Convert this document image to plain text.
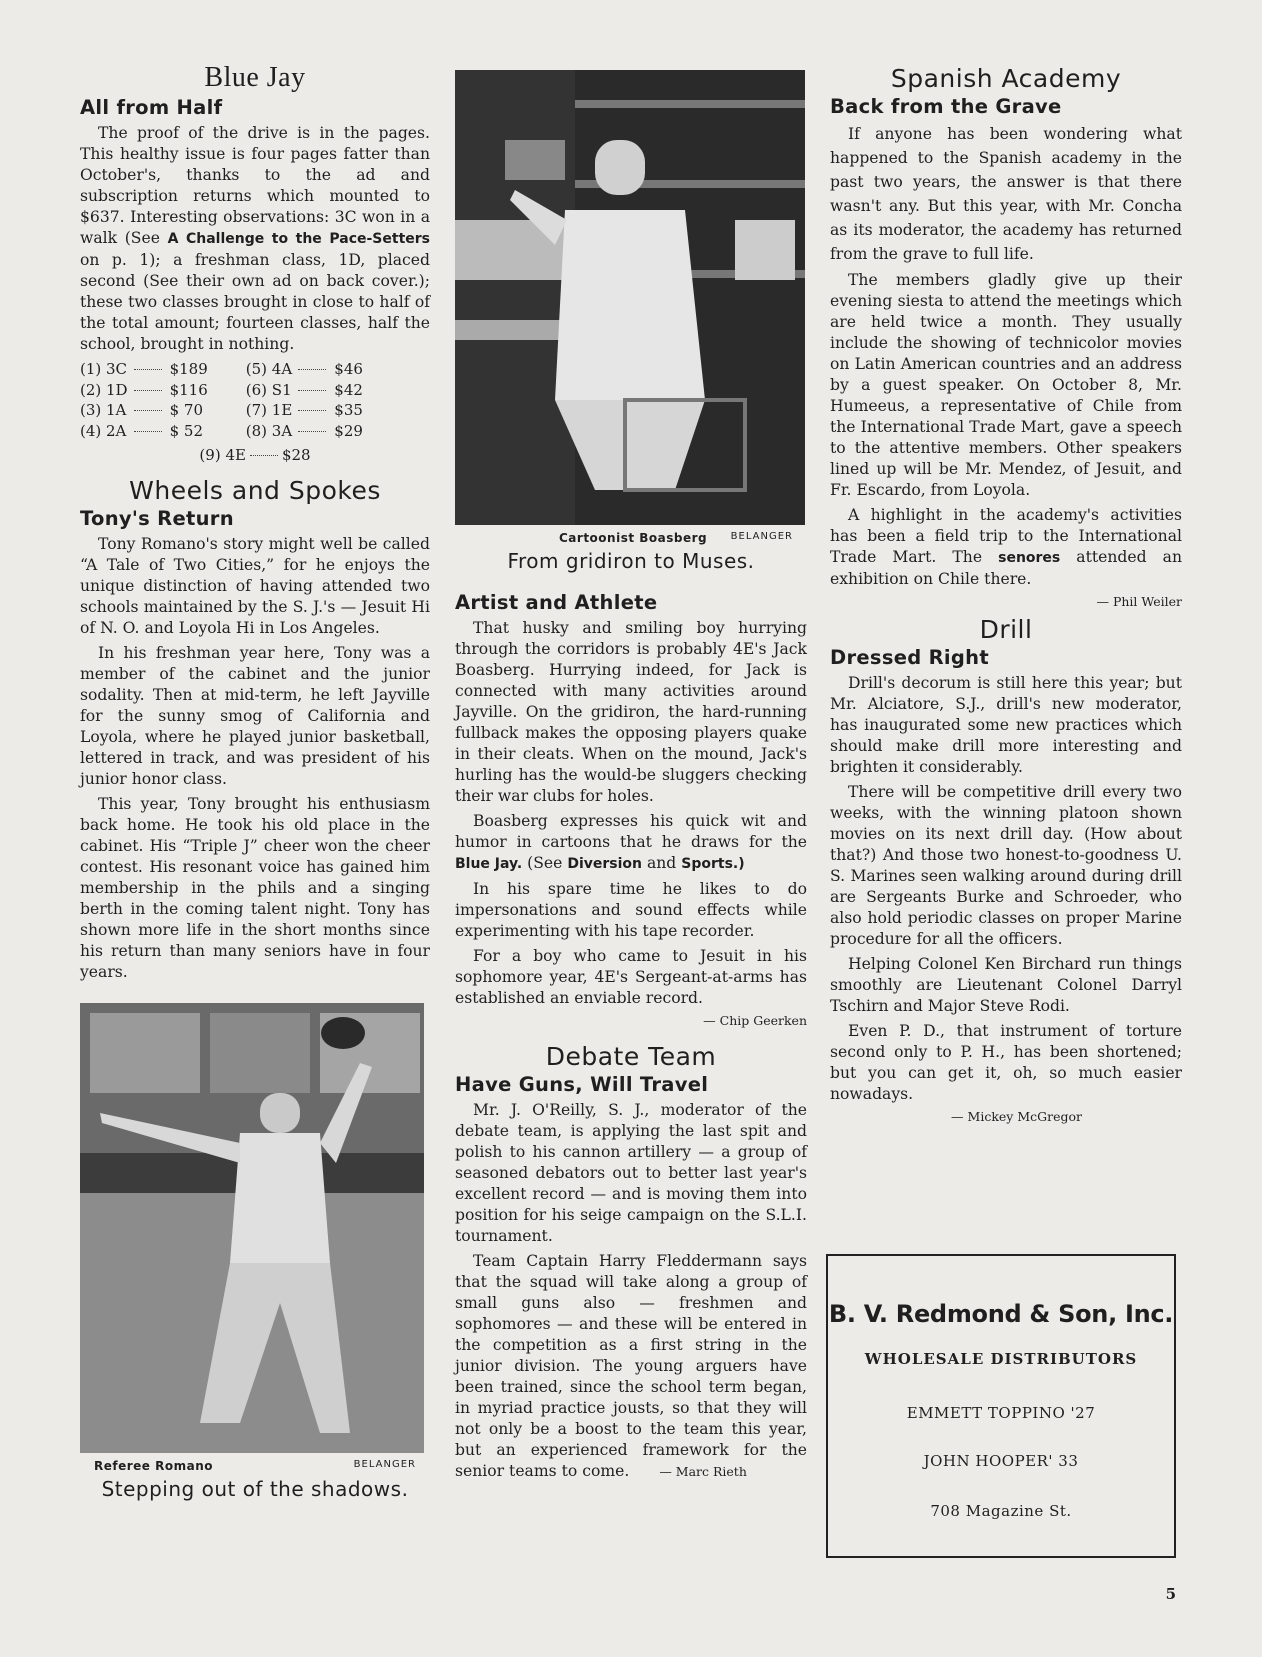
Blue Jay
All from Half

The proof of the drive is in the pages. This healthy issue is four pages fatter than October's, thanks to the ad and subscription returns which mounted to $637. Interesting observations: 3C won in a walk (See A Challenge to the Pace-Setters on p. 1); a freshman class, 1D, placed second (See their own ad on back cover.); these two classes brought in close to half of the total amount; fourteen classes, half the school, brought in nothing.

(1) 3C		$189	(5) 4A		$46
(2) 1D		$116	(6) S1		$42
(3) 1A		$ 70	(7) 1E		$35
(4) 2A		$ 52	(8) 3A		$29
(9) 4E $28
Wheels and Spokes
Tony's Return

Tony Romano's story might well be called “A Tale of Two Cities,” for he enjoys the unique distinction of having attended two schools maintained by the S. J.'s — Jesuit Hi of N. O. and Loyola Hi in Los Angeles.

In his freshman year here, Tony was a member of the cabinet and the junior sodality. Then at mid-term, he left Jayville for the sunny smog of California and Loyola, where he played junior basketball, lettered in track, and was president of his junior honor class.

This year, Tony brought his enthusiasm back home. He took his old place in the cabinet. His “Triple J” cheer won the cheer contest. His resonant voice has gained him membership in the phils and a singing berth in the coming talent night. Tony has shown more life in the short months since his return than many seniors have in four years.

Referee Romano	BELANGER
Stepping out of the shadows.
Cartoonist Boasberg BELANGER
From gridiron to Muses.
Artist and Athlete

That husky and smiling boy hurrying through the corridors is probably 4E's Jack Boasberg. Hurrying indeed, for Jack is connected with many activities around Jayville. On the gridiron, the hard-running fullback makes the opposing players quake in their cleats. When on the mound, Jack's hurling has the would-be sluggers checking their war clubs for holes.

Boasberg expresses his quick wit and humor in cartoons that he draws for the Blue Jay. (See Diversion and Sports.)

In his spare time he likes to do impersonations and sound effects while experimenting with his tape recorder.

For a boy who came to Jesuit in his sophomore year, 4E's Sergeant-at-arms has established an enviable record.

— Chip Geerken
Debate Team
Have Guns, Will Travel

Mr. J. O'Reilly, S. J., moderator of the debate team, is applying the last spit and polish to his cannon artillery — a group of seasoned debators out to better last year's excellent record — and is moving them into position for his seige campaign on the S.L.I. tournament.

Team Captain Harry Fleddermann says that the squad will take along a group of small guns also — freshmen and sophomores — and these will be entered in the competition as a first string in the junior division. The young arguers have been trained, since the school term began, in myriad practice jousts, so that they will not only be a boost to the team this year, but an experienced framework for the senior teams to come. — Marc Rieth

Spanish Academy
Back from the Grave

If anyone has been wondering what happened to the Spanish academy in the past two years, the answer is that there wasn't any. But this year, with Mr. Concha as its moderator, the academy has returned from the grave to full life.

The members gladly give up their evening siesta to attend the meetings which are held twice a month. They usually include the showing of technicolor movies on Latin American countries and an address by a guest speaker. On October 8, Mr. Humeeus, a representative of Chile from the International Trade Mart, gave a speech to the attentive members. Other speakers lined up will be Mr. Mendez, of Jesuit, and Fr. Escardo, from Loyola.

A highlight in the academy's activities has been a field trip to the International Trade Mart. The senores attended an exhibition on Chile there.

— Phil Weiler
Drill
Dressed Right

Drill's decorum is still here this year; but Mr. Alciatore, S.J., drill's new moderator, has inaugurated some new practices which should make drill more interesting and brighten it considerably.

There will be competitive drill every two weeks, with the winning platoon shown movies on its next drill day. (How about that?) And those two honest-to-goodness U. S. Marines seen walking around during drill are Sergeants Burke and Schroeder, who also hold periodic classes on proper Marine procedure for all the officers.

Helping Colonel Ken Birchard run things smoothly are Lieutenant Colonel Darryl Tschirn and Major Steve Rodi.

Even P. D., that instrument of torture second only to P. H., has been shortened; but you can get it, oh, so much easier nowadays.

— Mickey McGregor
B. V. Redmond & Son, Inc.
WHOLESALE DISTRIBUTORS
EMMETT TOPPINO '27
JOHN HOOPER' 33
708 Magazine St.
5
